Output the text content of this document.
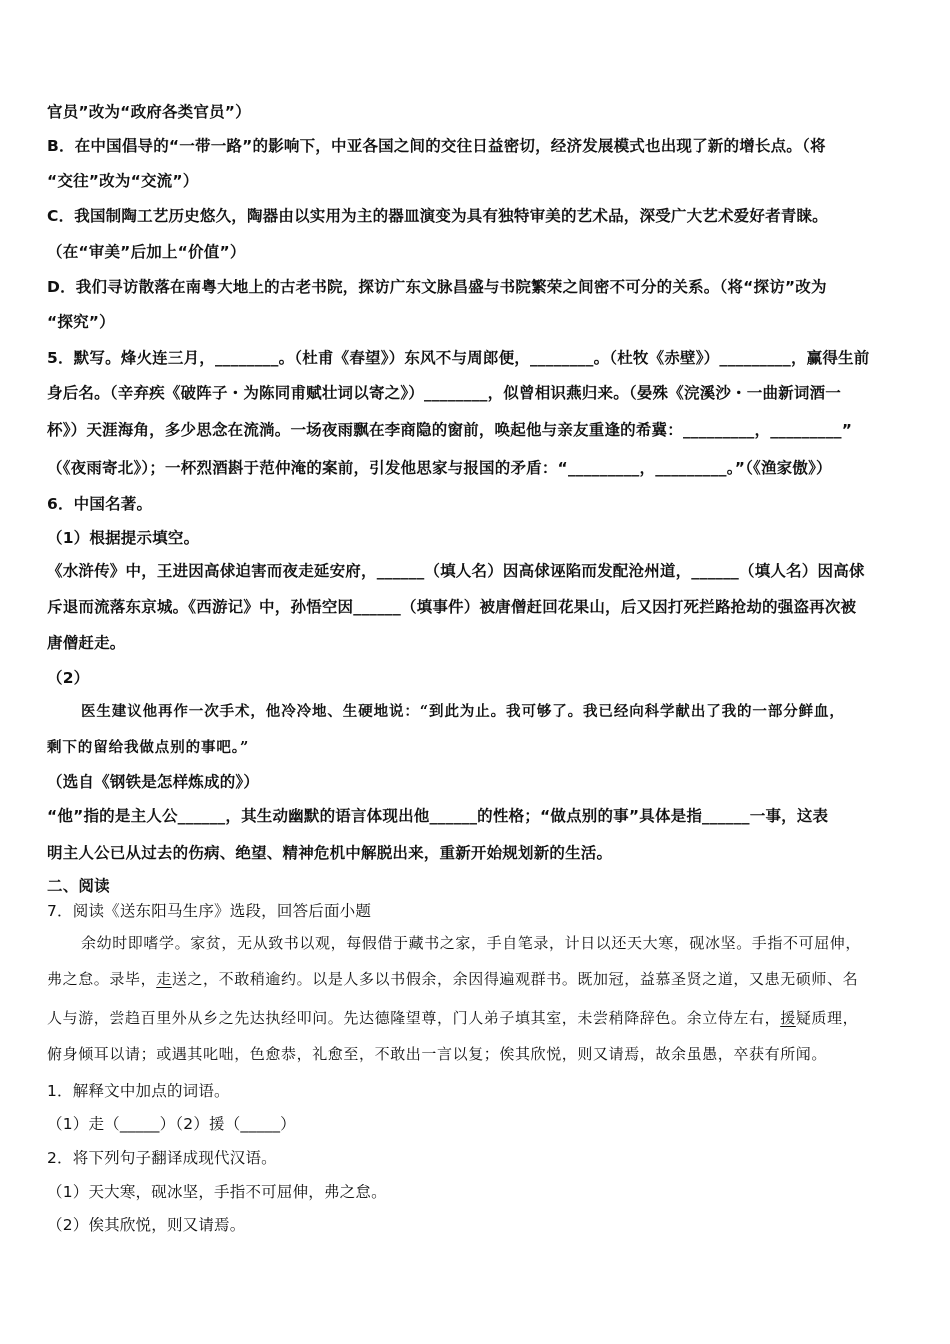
官员”改为“政府各类官员”）
B．在中国倡导的“一带一路”的影响下，中亚各国之间的交往日益密切，经济发展模式也出现了新的增长点。（将
“交往”改为“交流”）
C．我国制陶工艺历史悠久，陶器由以实用为主的器皿演变为具有独特审美的艺术品，深受广大艺术爱好者青睐。
（在“审美”后加上“价值”）
D．我们寻访散落在南粤大地上的古老书院，探访广东文脉昌盛与书院繁荣之间密不可分的关系。（将“探访”改为
“探究”）
5．默写。烽火连三月，________。（杜甫《春望》）东风不与周郎便，________。（杜牧《赤壁》）_________，赢得生前
身后名。（辛弃疾《破阵子・为陈同甫赋壮词以寄之》）________，似曾相识燕归来。（晏殊《浣溪沙・一曲新词酒一
杯》）天涯海角，多少思念在流淌。一场夜雨飘在李商隐的窗前，唤起他与亲友重逢的希冀：_________，_________”
（《夜雨寄北》）；一杯烈酒斟于范仲淹的案前，引发他思家与报国的矛盾：“_________，_________。”（《渔家傲》）
6．中国名著。
（1）根据提示填空。
《水浒传》中，王进因高俅迫害而夜走延安府，______（填人名）因高俅诬陷而发配沧州道，______（填人名）因高俅
斥退而流落东京城。《西游记》中，孙悟空因______（填事件）被唐僧赶回花果山，后又因打死拦路抢劫的强盗再次被
唐僧赶走。
（2）
医生建议他再作一次手术，他冷冷地、生硬地说：“到此为止。我可够了。我已经向科学献出了我的一部分鲜血，
剩下的留给我做点别的事吧。”
（选自《钢铁是怎样炼成的》）
“他”指的是主人公______，其生动幽默的语言体现出他______的性格；“做点别的事”具体是指______一事，这表
明主人公已从过去的伤病、绝望、精神危机中解脱出来，重新开始规划新的生活。
二、阅读
7．阅读《送东阳马生序》选段，回答后面小题
余幼时即嗜学。家贫，无从致书以观，每假借于藏书之家，手自笔录，计日以还天大寒，砚冰坚。手指不可屈伸，
弗之怠。录毕，走送之，不敢稍逾约。以是人多以书假余，余因得遍观群书。既加冠，益慕圣贤之道，又患无硕师、名
人与游，尝趋百里外从乡之先达执经叩问。先达德隆望尊，门人弟子填其室，未尝稍降辞色。余立侍左右，援疑质理，
俯身倾耳以请；或遇其叱咄，色愈恭，礼愈至，不敢出一言以复；俟其欣悦，则又请焉，故余虽愚，卒获有所闻。
1．解释文中加点的词语。
（1）走（_____）（2）援（_____）
2．将下列句子翻译成现代汉语。
（1）天大寒，砚冰坚，手指不可屈伸，弗之怠。
（2）俟其欣悦，则又请焉。
